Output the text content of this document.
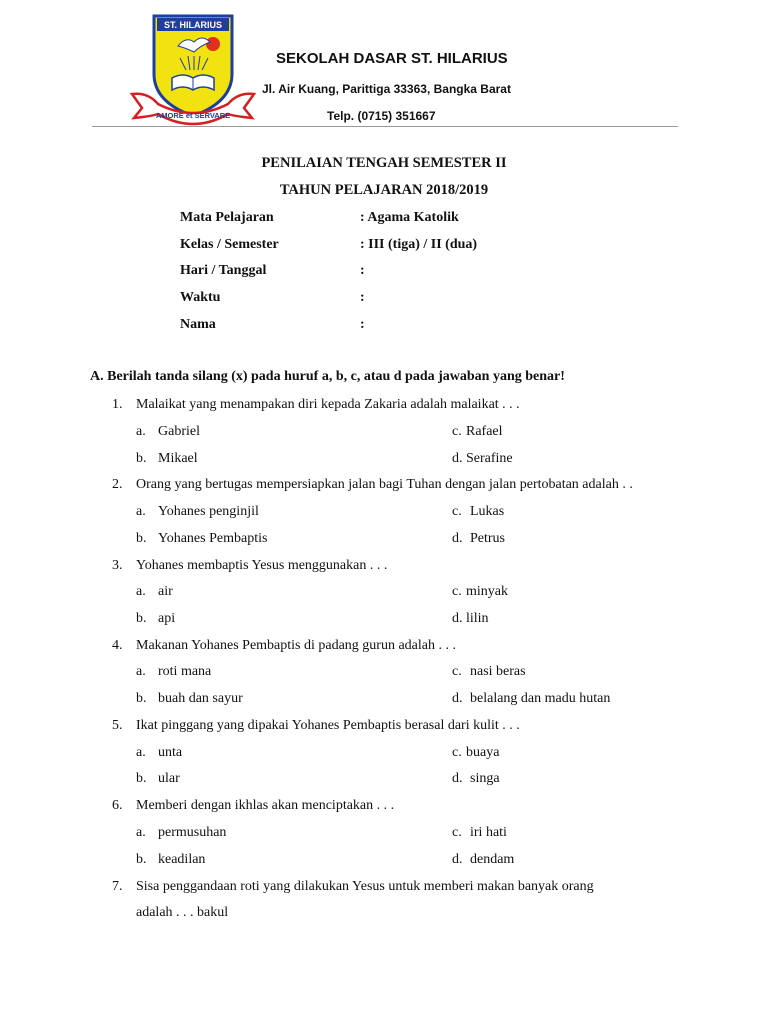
ST. HILARIUS
AMORE et SERVARE
SEKOLAH DASAR ST. HILARIUS
Jl. Air Kuang, Parittiga 33363, Bangka Barat
Telp. (0715) 351667
PENILAIAN TENGAH SEMESTER II
TAHUN PELAJARAN 2018/2019
Mata Pelajaran	: Agama Katolik
Kelas / Semester	: III (tiga) / II (dua)
Hari / Tanggal	:
Waktu	:
Nama	:
A. Berilah tanda silang (x) pada huruf a, b, c, atau d pada jawaban yang benar!
1. Malaikat yang menampakan diri kepada Zakaria adalah malaikat . . .
a. Gabriel	c. Rafael
b. Mikael	d. Serafine
2. Orang yang bertugas mempersiapkan jalan bagi Tuhan dengan jalan pertobatan adalah . .
a. Yohanes penginjil	c. Lukas
b. Yohanes Pembaptis	d. Petrus
3. Yohanes membaptis Yesus menggunakan . . .
a. air	c. minyak
b. api	d. lilin
4. Makanan Yohanes Pembaptis di padang gurun adalah . . .
a. roti mana	c. nasi beras
b. buah dan sayur	d. belalang dan madu hutan
5. Ikat pinggang yang dipakai Yohanes Pembaptis berasal dari kulit . . .
a. unta	c. buaya
b. ular	d. singa
6. Memberi dengan ikhlas akan menciptakan . . .
a. permusuhan	c. iri hati
b. keadilan	d. dendam
7. Sisa penggandaan roti yang dilakukan Yesus untuk memberi makan banyak orang
adalah . . . bakul
